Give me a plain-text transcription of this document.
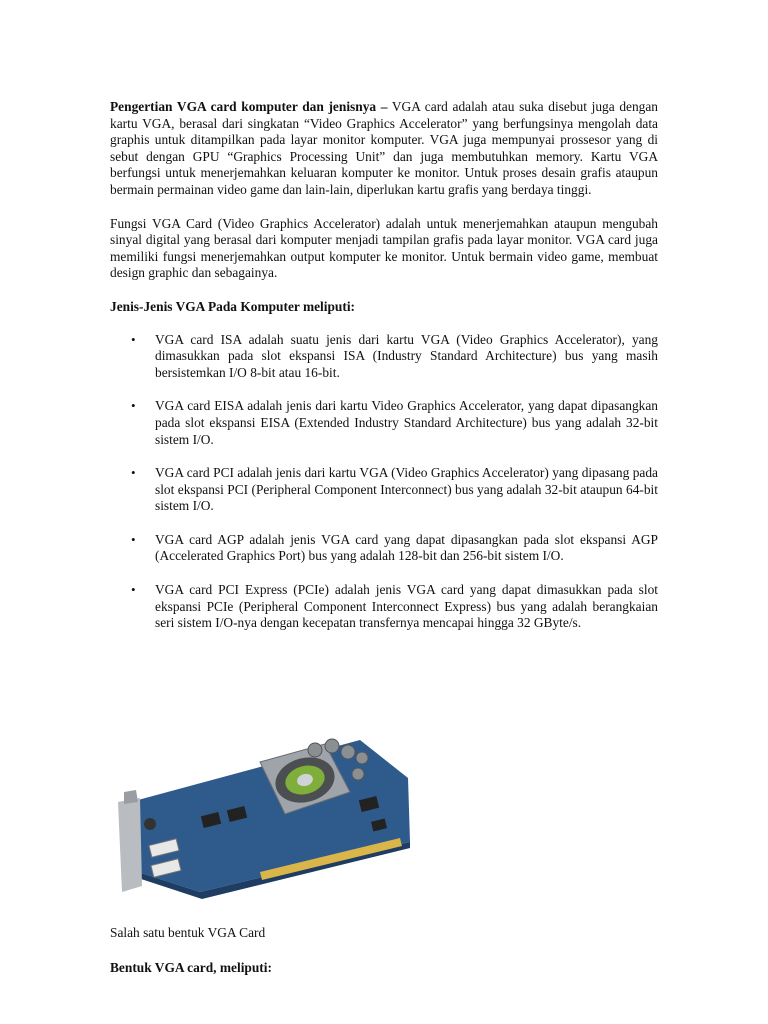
Pengertian VGA card komputer dan jenisnya – VGA card adalah atau suka disebut juga dengan kartu VGA, berasal dari singkatan “Video Graphics Accelerator” yang berfungsinya mengolah data graphis untuk ditampilkan pada layar monitor komputer. VGA juga mempunyai prossesor yang di sebut dengan GPU “Graphics Processing Unit” dan juga membutuhkan memory. Kartu VGA berfungsi untuk menerjemahkan keluaran komputer ke monitor. Untuk proses desain grafis ataupun bermain permainan video game dan lain-lain, diperlukan kartu grafis yang berdaya tinggi.

Fungsi VGA Card (Video Graphics Accelerator) adalah untuk menerjemahkan ataupun mengubah sinyal digital yang berasal dari komputer menjadi tampilan grafis pada layar monitor. VGA card juga memiliki fungsi menerjemahkan output komputer ke monitor. Untuk bermain video game, membuat design graphic dan sebagainya.

Jenis-Jenis VGA Pada Komputer meliputi:

• VGA card ISA adalah suatu jenis dari kartu VGA (Video Graphics Accelerator), yang dimasukkan pada slot ekspansi ISA (Industry Standard Architecture) bus yang masih bersistemkan I/O 8-bit atau 16-bit.
• VGA card EISA adalah jenis dari kartu Video Graphics Accelerator, yang dapat dipasangkan pada slot ekspansi EISA (Extended Industry Standard Architecture) bus yang adalah 32-bit sistem I/O.
• VGA card PCI adalah jenis dari kartu VGA (Video Graphics Accelerator) yang dipasang pada slot ekspansi PCI (Peripheral Component Interconnect) bus yang adalah 32-bit ataupun 64-bit sistem I/O.
• VGA card AGP adalah jenis VGA card yang dapat dipasangkan pada slot ekspansi AGP (Accelerated Graphics Port) bus yang adalah 128-bit dan 256-bit sistem I/O.
• VGA card PCI Express (PCIe) adalah jenis VGA card yang dapat dimasukkan pada slot ekspansi PCIe (Peripheral Component Interconnect Express) bus yang adalah berangkaian seri sistem I/O-nya dengan kecepatan transfernya mencapai hingga 32 GByte/s.

Salah satu bentuk VGA Card

Bentuk VGA card, meliputi:
